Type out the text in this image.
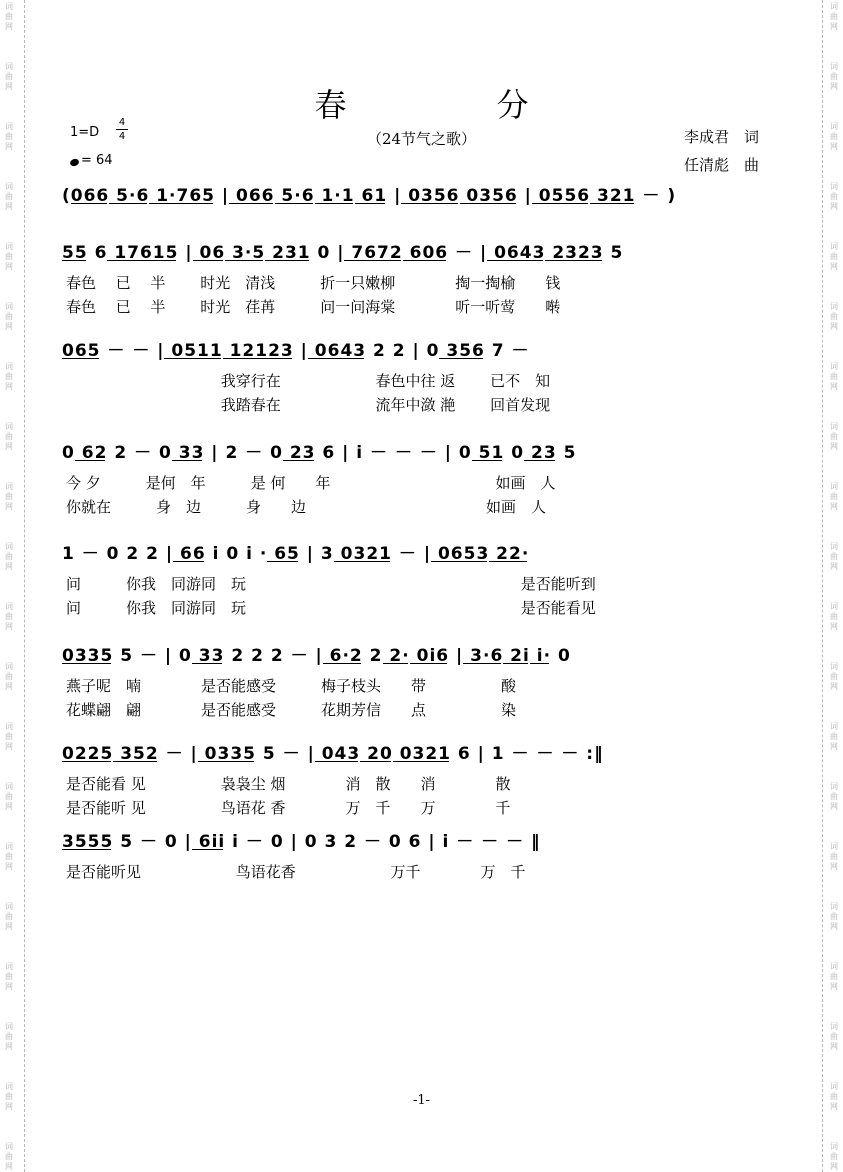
词
曲
网
词
曲
网
词
曲
网
词
曲
网
词
曲
网
词
曲
网
词
曲
网
词
曲
网
词
曲
网
词
曲
网
词
曲
网
词
曲
网
词
曲
网
词
曲
网
词
曲
网
词
曲
网
词
曲
网
词
曲
网
词
曲
网
词
曲
网
词
曲
网
词
曲
网
词
曲
网
词
曲
网
词
曲
网
词
曲
网
词
曲
网
词
曲
网
词
曲
网
词
曲
网
词
曲
网
词
曲
网
词
曲
网
词
曲
网
词
曲
网
词
曲
网
词
曲
网
词
曲
网
词
曲
网
词
曲
网
春分
（24节气之歌）
1=D
4
4
= 64
李成君　词
任清彪　曲
(066 5·6 1·765 | 066 5·6 1·1 61 | 0356 0356 | 0556 321 － )
55 6 17615 | 06 3·5 231 0 | 7672 606 － | 0643 2323 5
春色　 已　 半　　 时光　清浅　　　折一只嫩柳　　　　掏一掏榆　　钱
春色　 已　 半　　 时光　荏苒　　　问一问海棠　　　　听一听莺　　啭
065 － － | 0511 12123 | 0643 2 2 | 0 356 7 －
　　　　　　　　　　 我穿行在　　　　　　 春色中往 返　　 已不　知
　　　　　　　　　　 我踏春在　　　　　　 流年中潋 滟　　 回首发现
0 62 2 － 0 33 | 2 － 0 23 6 | i － － － | 0 51 0 23 5
今 夕　　　是何　年　　　是 何　　年　　　　　　　　　　　如画　人
你就在　　　身　边　　　身　　边　　　　　　　　　　　　如画　人
1 － 0 2 2 | 66 i 0 i · 65 | 3 0321 － | 0653 22·
问　　　你我　同游同　玩　　　　　　　　　　　　　　　　　　 是否能听到
问　　　你我　同游同　玩　　　　　　　　　　　　　　　　　　 是否能看见
0335 5 － | 0 33 2 2 2 － | 6·2 2 2· 0i6 | 3·6 2i i· 0
燕子呢　喃　　　　是否能感受　　　梅子枝头　　带　　　　　酸
花蝶翩　翩　　　　是否能感受　　　花期芳信　　点　　　　　染
0225 352 － | 0335 5 － | 043 20 0321 6 | 1 － － － :‖
是否能看 见　　　　　袅袅尘 烟　　　　消　散　　消　　　　散
是否能听 见　　　　　鸟语花 香　　　　万　千　　万　　　　千
3555 5 － 0 | 6ii i － 0 | 0 3 2 － 0 6 | i － － － ‖
是否能听见　　　　　　 鸟语花香　　　　　　 万千　　　　万　千
-1-
